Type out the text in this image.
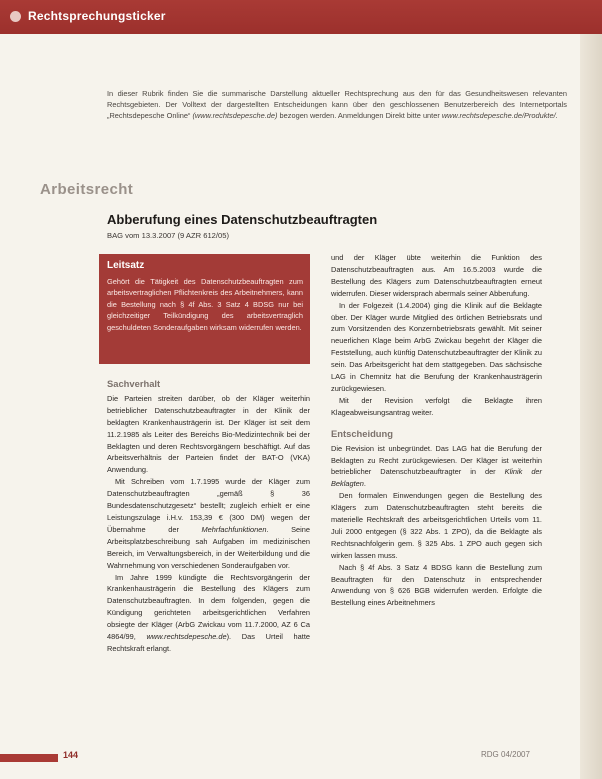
Rechtsprechungsticker
In dieser Rubrik finden Sie die summarische Darstellung aktueller Rechtsprechung aus den für das Gesundheitswesen relevanten Rechtsgebieten. Der Volltext der dargestellten Entscheidungen kann über den geschlossenen Benutzerbereich des Internetportals „Rechtsdepesche Online“ (www.rechtsdepesche.de) bezogen werden. Anmeldungen Direkt bitte unter www.rechtsdepesche.de/Produkte/.
Arbeitsrecht
Abberufung eines Datenschutzbeauftragten
BAG vom 13.3.2007 (9 AZR 612/05)
Leitsatz
Gehört die Tätigkeit des Datenschutzbeauftragten zum arbeitsvertraglichen Pflichtenkreis des Arbeitnehmers, kann die Bestellung nach § 4f Abs. 3 Satz 4 BDSG nur bei gleichzeitiger Teilkündigung des arbeitsvertraglich geschuldeten Sonderaufgaben wirksam widerrufen werden.
Sachverhalt

Die Parteien streiten darüber, ob der Kläger weiterhin betrieblicher Datenschutzbeauftragter in der Klinik der beklagten Krankenhausträgerin ist. Der Kläger ist seit dem 11.2.1985 als Leiter des Bereichs Bio-Medizintechnik bei der Beklagten und deren Rechtsvorgängern beschäftigt. Auf das Arbeitsverhältnis der Parteien findet der BAT-O (VKA) Anwendung.

Mit Schreiben vom 1.7.1995 wurde der Kläger zum Datenschutzbeauftragten „gemäß § 36 Bundesdatenschutzgesetz“ bestellt; zugleich erhielt er eine Leistungszulage i.H.v. 153,39 € (300 DM) wegen der Übernahme der Mehrfachfunktionen. Seine Arbeitsplatzbeschreibung sah Aufgaben im medizinischen Bereich, im Verwaltungsbereich, in der Weiterbildung und die Wahrnehmung von verschiedenen Sonderaufgaben vor.

Im Jahre 1999 kündigte die Rechtsvorgängerin der Krankenhausträgerin die Bestellung des Klägers zum Datenschutzbeauftragten. In dem folgenden, gegen die Kündigung gerichteten arbeitsgerichtlichen Verfahren obsiegte der Kläger (ArbG Zwickau vom 11.7.2000, AZ 6 Ca 4864/99, www.rechtsdepesche.de). Das Urteil hatte Rechtskraft erlangt.

und der Kläger übte weiterhin die Funktion des Datenschutzbeauftragten aus. Am 16.5.2003 wurde die Bestellung des Klägers zum Datenschutzbeauftragten erneut widerrufen. Dieser widersprach abermals seiner Abberufung.

In der Folgezeit (1.4.2004) ging die Klinik auf die Beklagte über. Der Kläger wurde Mitglied des örtlichen Betriebsrats und zum Vorsitzenden des Konzernbetriebsrats gewählt. Mit seiner neuerlichen Klage beim ArbG Zwickau begehrt der Kläger die Feststellung, auch künftig Datenschutzbeauftragter der Klinik zu sein. Das Arbeitsgericht hat dem stattgegeben. Das sächsische LAG in Chemnitz hat die Berufung der Krankenhausträgerin zurückgewiesen.

Mit der Revision verfolgt die Beklagte ihren Klageabweisungsantrag weiter.

Entscheidung

Die Revision ist unbegründet. Das LAG hat die Berufung der Beklagten zu Recht zurückgewiesen. Der Kläger ist weiterhin betrieblicher Datenschutzbeauftragter in der Klinik der Beklagten.

Den formalen Einwendungen gegen die Bestellung des Klägers zum Datenschutzbeauftragten steht bereits die materielle Rechtskraft des arbeitsgerichtlichen Urteils vom 11. Juli 2000 entgegen (§ 322 Abs. 1 ZPO), da die Beklagte als Rechtsnachfolgerin gem. § 325 Abs. 1 ZPO auch gegen sich wirken lassen muss.

Nach § 4f Abs. 3 Satz 4 BDSG kann die Bestellung zum Beauftragten für den Datenschutz in entsprechender Anwendung von § 626 BGB widerrufen werden. Erfolgte die Bestellung eines Arbeitnehmers

144	RDG 04/2007
